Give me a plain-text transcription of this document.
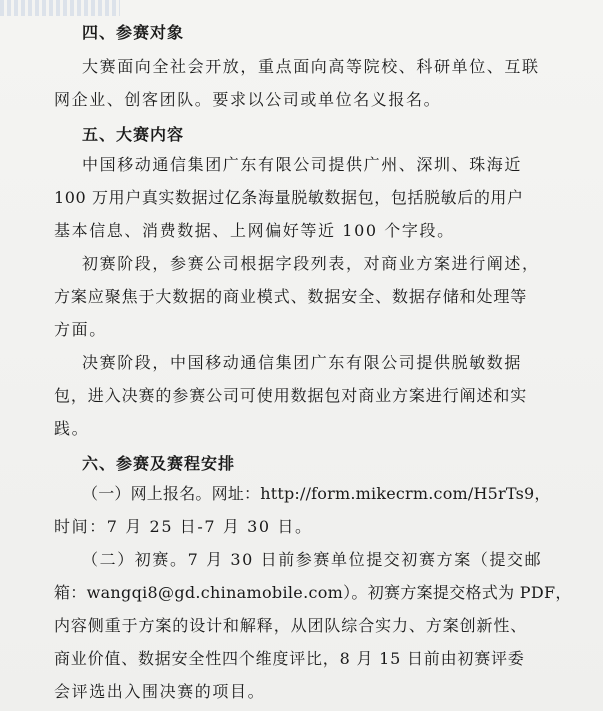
四、参赛对象
大赛面向全社会开放，重点面向高等院校、科研单位、互联
网企业、创客团队。要求以公司或单位名义报名。
五、大赛内容
中国移动通信集团广东有限公司提供广州、深圳、珠海近
100 万用户真实数据过亿条海量脱敏数据包，包括脱敏后的用户
基本信息、消费数据、上网偏好等近 100 个字段。
初赛阶段，参赛公司根据字段列表，对商业方案进行阐述，
方案应聚焦于大数据的商业模式、数据安全、数据存储和处理等
方面。
决赛阶段，中国移动通信集团广东有限公司提供脱敏数据
包，进入决赛的参赛公司可使用数据包对商业方案进行阐述和实
践。
六、参赛及赛程安排
（一）网上报名。网址：http://form.mikecrm.com/H5rTs9，
时间：7 月 25 日-7 月 30 日。
（二）初赛。7 月 30 日前参赛单位提交初赛方案（提交邮
箱：wangqi8@gd.chinamobile.com）。初赛方案提交格式为 PDF，
内容侧重于方案的设计和解释，从团队综合实力、方案创新性、
商业价值、数据安全性四个维度评比，8 月 15 日前由初赛评委
会评选出入围决赛的项目。
